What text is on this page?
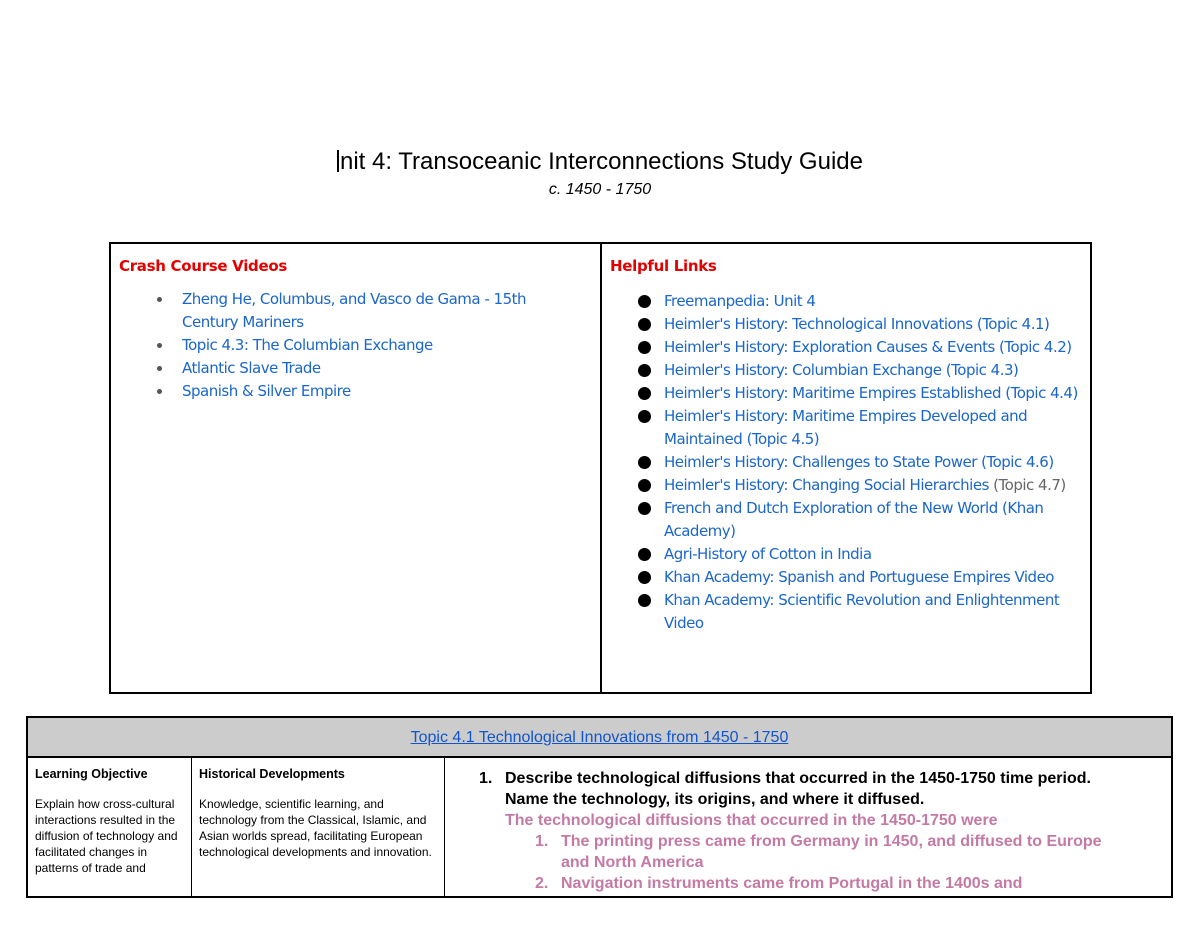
nit 4: Transoceanic Interconnections Study Guide
c. 1450 - 1750
Crash Course Videos
Zheng He, Columbus, and Vasco de Gama - 15th Century Mariners
Topic 4.3: The Columbian Exchange
Atlantic Slave Trade
Spanish & Silver Empire
Helpful Links
Freemanpedia: Unit 4
Heimler's History: Technological Innovations (Topic 4.1)
Heimler's History: Exploration Causes & Events (Topic 4.2)
Heimler's History: Columbian Exchange (Topic 4.3)
Heimler's History: Maritime Empires Established (Topic 4.4)
Heimler's History: Maritime Empires Developed and Maintained (Topic 4.5)
Heimler's History: Challenges to State Power (Topic 4.6)
Heimler's History: Changing Social Hierarchies (Topic 4.7)
French and Dutch Exploration of the New World (Khan Academy)
Agri-History of Cotton in India
Khan Academy: Spanish and Portuguese Empires Video
Khan Academy: Scientific Revolution and Enlightenment Video
Topic 4.1 Technological Innovations from 1450 - 1750
Learning Objective
Explain how cross-cultural interactions resulted in the diffusion of technology and facilitated changes in patterns of trade and
Historical Developments
Knowledge, scientific learning, and technology from the Classical, Islamic, and Asian worlds spread, facilitating European technological developments and innovation.
1. Describe technological diffusions that occurred in the 1450-1750 time period. Name the technology, its origins, and where it diffused.
The technological diffusions that occurred in the 1450-1750 were
1. The printing press came from Germany in 1450, and diffused to Europe and North America
2. Navigation instruments came from Portugal in the 1400s and
